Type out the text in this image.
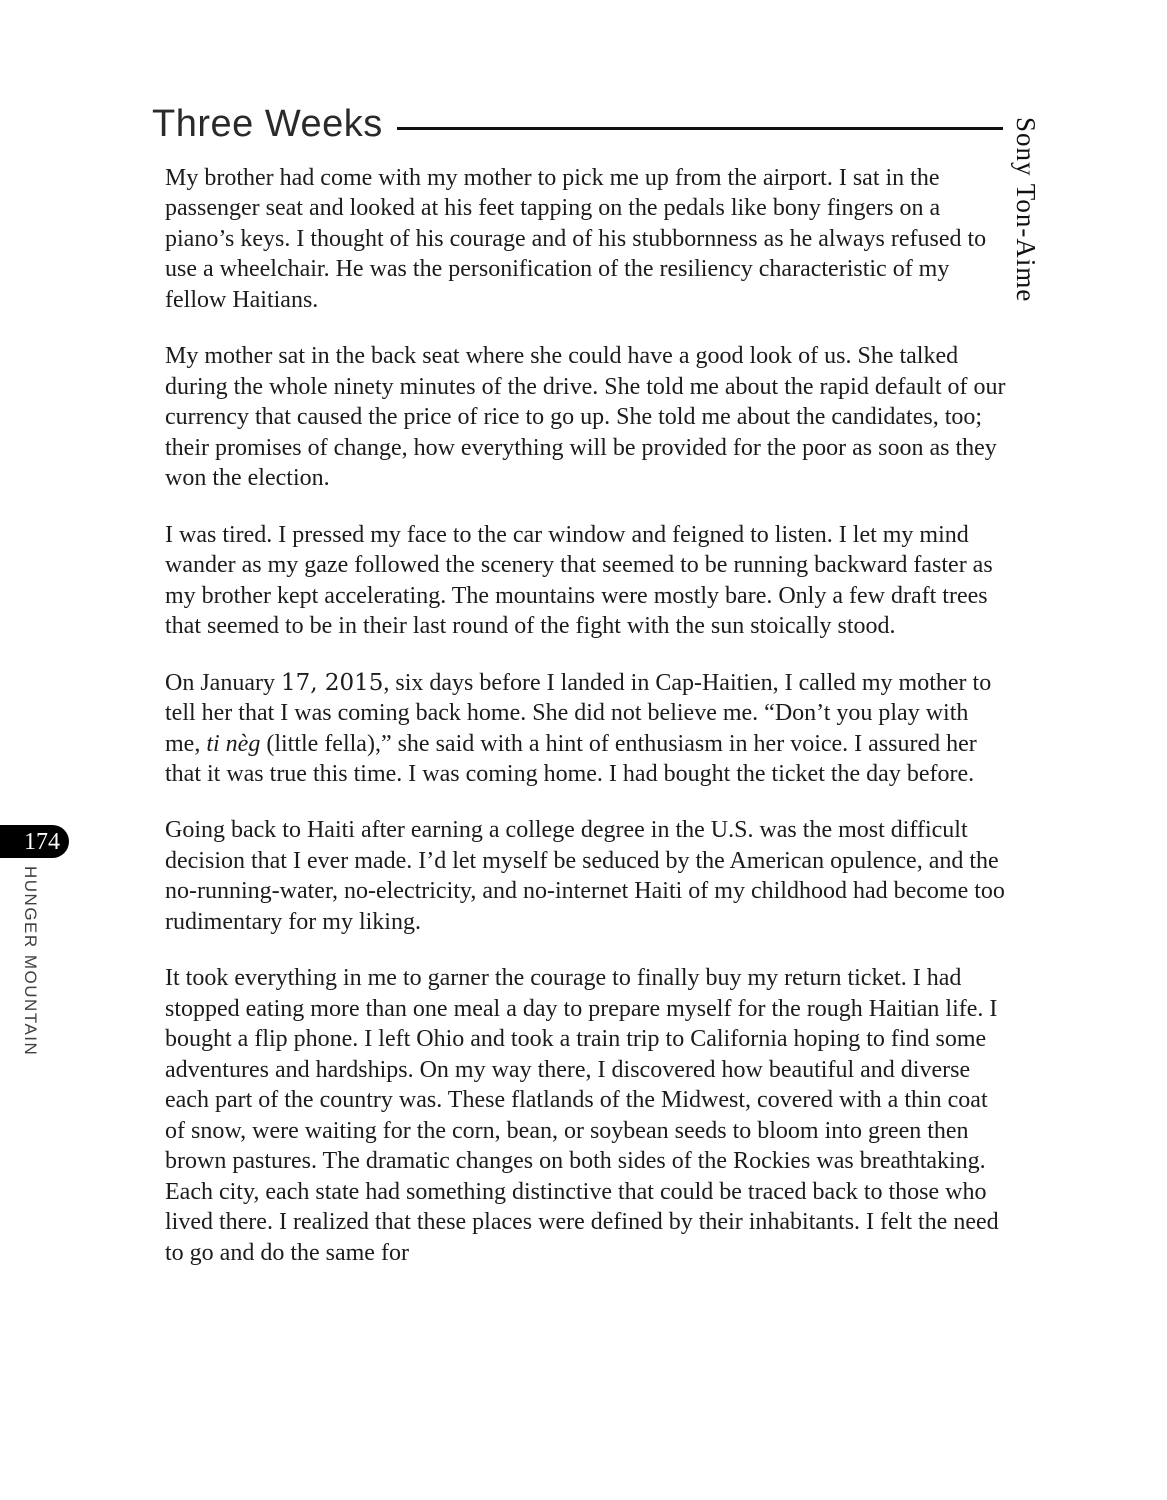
Three Weeks	Sony Ton-Aime

My brother had come with my mother to pick me up from the airport. I sat in the passenger seat and looked at his feet tapping on the pedals like bony fingers on a piano’s keys. I thought of his courage and of his stubbornness as he always refused to use a wheelchair. He was the personification of the resiliency characteristic of my fellow Haitians.

My mother sat in the back seat where she could have a good look of us. She talked during the whole ninety minutes of the drive. She told me about the rapid default of our currency that caused the price of rice to go up. She told me about the candidates, too; their promises of change, how everything will be provided for the poor as soon as they won the election.

I was tired. I pressed my face to the car window and feigned to listen. I let my mind wander as my gaze followed the scenery that seemed to be running backward faster as my brother kept accelerating. The mountains were mostly bare. Only a few draft trees that seemed to be in their last round of the fight with the sun stoically stood.

On January 17, 2015, six days before I landed in Cap-Haitien, I called my mother to tell her that I was coming back home. She did not believe me. “Don’t you play with me, ti nèg (little fella),” she said with a hint of enthusiasm in her voice. I assured her that it was true this time. I was coming home. I had bought the ticket the day before.

Going back to Haiti after earning a college degree in the U.S. was the most difficult decision that I ever made. I’d let myself be seduced by the American opulence, and the no-running-water, no-electricity, and no-internet Haiti of my childhood had become too rudimentary for my liking.

It took everything in me to garner the courage to finally buy my return ticket. I had stopped eating more than one meal a day to prepare myself for the rough Haitian life. I bought a flip phone. I left Ohio and took a train trip to California hoping to find some adventures and hardships. On my way there, I discovered how beautiful and diverse each part of the country was. These flatlands of the Midwest, covered with a thin coat of snow, were waiting for the corn, bean, or soybean seeds to bloom into green then brown pastures. The dramatic changes on both sides of the Rockies was breathtaking. Each city, each state had something distinctive that could be traced back to those who lived there. I realized that these places were defined by their inhabitants. I felt the need to go and do the same for

174
HUNGER MOUNTAIN
